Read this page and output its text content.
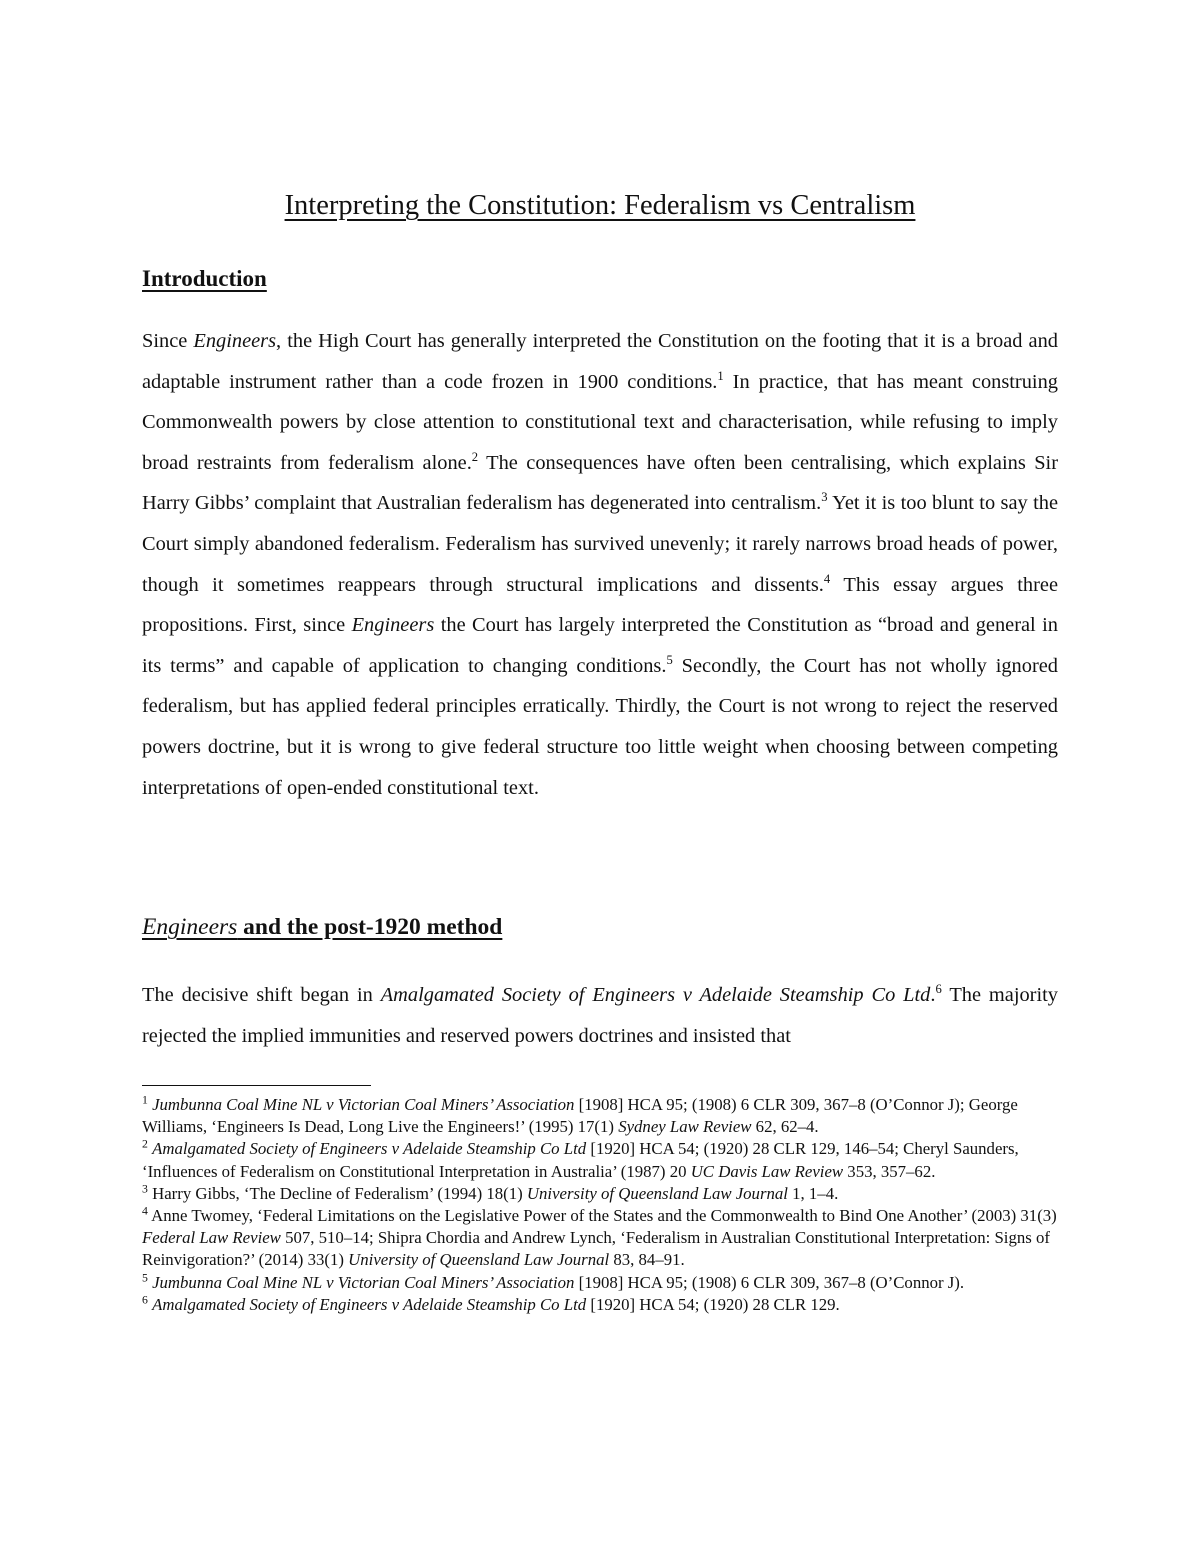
Interpreting the Constitution: Federalism vs Centralism
Introduction
Since Engineers, the High Court has generally interpreted the Constitution on the footing that it is a broad and adaptable instrument rather than a code frozen in 1900 conditions.$^1$ In practice, that has meant construing Commonwealth powers by close attention to constitutional text and characterisation, while refusing to imply broad restraints from federalism alone.$^2$ The consequences have often been centralising, which explains Sir Harry Gibbs’ complaint that Australian federalism has degenerated into centralism.$^3$ Yet it is too blunt to say the Court simply abandoned federalism. Federalism has survived unevenly; it rarely narrows broad heads of power, though it sometimes reappears through structural implications and dissents.$^4$ This essay argues three propositions. First, since Engineers the Court has largely interpreted the Constitution as “broad and general in its terms” and capable of application to changing conditions.$^5$ Secondly, the Court has not wholly ignored federalism, but has applied federal principles erratically. Thirdly, the Court is not wrong to reject the reserved powers doctrine, but it is wrong to give federal structure too little weight when choosing between competing interpretations of open-ended constitutional text.
Engineers and the post-1920 method
The decisive shift began in Amalgamated Society of Engineers v Adelaide Steamship Co Ltd.$^6$ The majority rejected the implied immunities and reserved powers doctrines and insisted that
$^1$ Jumbunna Coal Mine NL v Victorian Coal Miners’ Association [1908] HCA 95; (1908) 6 CLR 309, 367–8 (O’Connor J); George Williams, ‘Engineers Is Dead, Long Live the Engineers!’ (1995) 17(1) Sydney Law Review 62, 62–4.
$^2$ Amalgamated Society of Engineers v Adelaide Steamship Co Ltd [1920] HCA 54; (1920) 28 CLR 129, 146–54; Cheryl Saunders, ‘Influences of Federalism on Constitutional Interpretation in Australia’ (1987) 20 UC Davis Law Review 353, 357–62.
$^3$ Harry Gibbs, ‘The Decline of Federalism’ (1994) 18(1) University of Queensland Law Journal 1, 1–4.
$^4$ Anne Twomey, ‘Federal Limitations on the Legislative Power of the States and the Commonwealth to Bind One Another’ (2003) 31(3) Federal Law Review 507, 510–14; Shipra Chordia and Andrew Lynch, ‘Federalism in Australian Constitutional Interpretation: Signs of Reinvigoration?’ (2014) 33(1) University of Queensland Law Journal 83, 84–91.
$^5$ Jumbunna Coal Mine NL v Victorian Coal Miners’ Association [1908] HCA 95; (1908) 6 CLR 309, 367–8 (O’Connor J).
$^6$ Amalgamated Society of Engineers v Adelaide Steamship Co Ltd [1920] HCA 54; (1920) 28 CLR 129.
